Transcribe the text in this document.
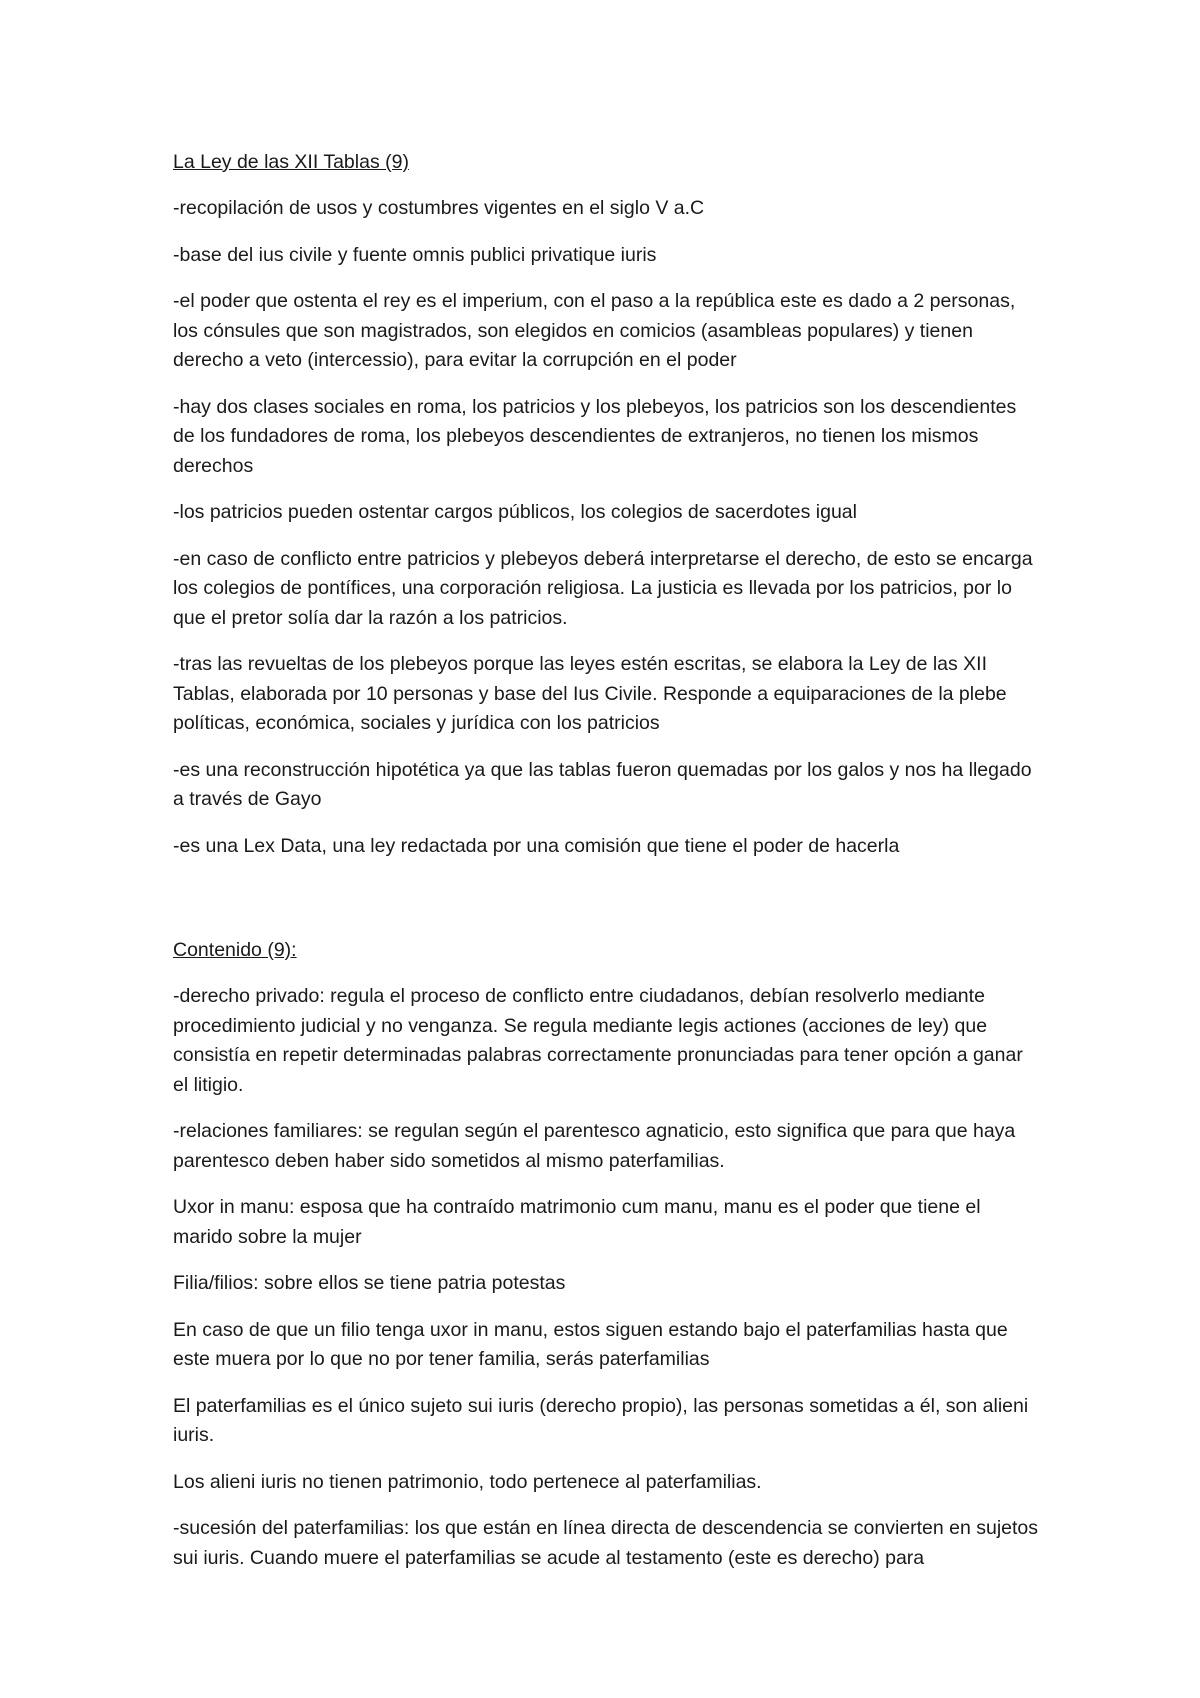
La Ley de las XII Tablas (9)
-recopilación de usos y costumbres vigentes en el siglo V a.C
-base del ius civile y fuente omnis publici privatique iuris
-el poder que ostenta el rey es el imperium, con el paso a la república este es dado a 2 personas, los cónsules que son magistrados, son elegidos en comicios (asambleas populares) y tienen derecho a veto (intercessio), para evitar la corrupción en el poder
-hay dos clases sociales en roma, los patricios y los plebeyos, los patricios son los descendientes de los fundadores de roma, los plebeyos descendientes de extranjeros, no tienen los mismos derechos
-los patricios pueden ostentar cargos públicos, los colegios de sacerdotes igual
-en caso de conflicto entre patricios y plebeyos deberá interpretarse el derecho, de esto se encarga los colegios de pontífices, una corporación religiosa. La justicia es llevada por los patricios, por lo que el pretor solía dar la razón a los patricios.
-tras las revueltas de los plebeyos porque las leyes estén escritas, se elabora la Ley de las XII Tablas, elaborada por 10 personas y base del Ius Civile. Responde a equiparaciones de la plebe políticas, económica, sociales y jurídica con los patricios
-es una reconstrucción hipotética ya que las tablas fueron quemadas por los galos y nos ha llegado a través de Gayo
-es una Lex Data, una ley redactada por una comisión que tiene el poder de hacerla
Contenido (9):
-derecho privado: regula el proceso de conflicto entre ciudadanos, debían resolverlo mediante procedimiento judicial y no venganza. Se regula mediante legis actiones (acciones de ley) que consistía en repetir determinadas palabras correctamente pronunciadas para tener opción a ganar el litigio.
-relaciones familiares: se regulan según el parentesco agnaticio, esto significa que para que haya parentesco deben haber sido sometidos al mismo paterfamilias.
Uxor in manu: esposa que ha contraído matrimonio cum manu, manu es el poder que tiene el marido sobre la mujer
Filia/filios: sobre ellos se tiene patria potestas
En caso de que un filio tenga uxor in manu, estos siguen estando bajo el paterfamilias hasta que este muera por lo que no por tener familia, serás paterfamilias
El paterfamilias es el único sujeto sui iuris (derecho propio), las personas sometidas a él, son alieni iuris.
Los alieni iuris no tienen patrimonio, todo pertenece al paterfamilias.
-sucesión del paterfamilias: los que están en línea directa de descendencia se convierten en sujetos sui iuris. Cuando muere el paterfamilias se acude al testamento (este es derecho) para
